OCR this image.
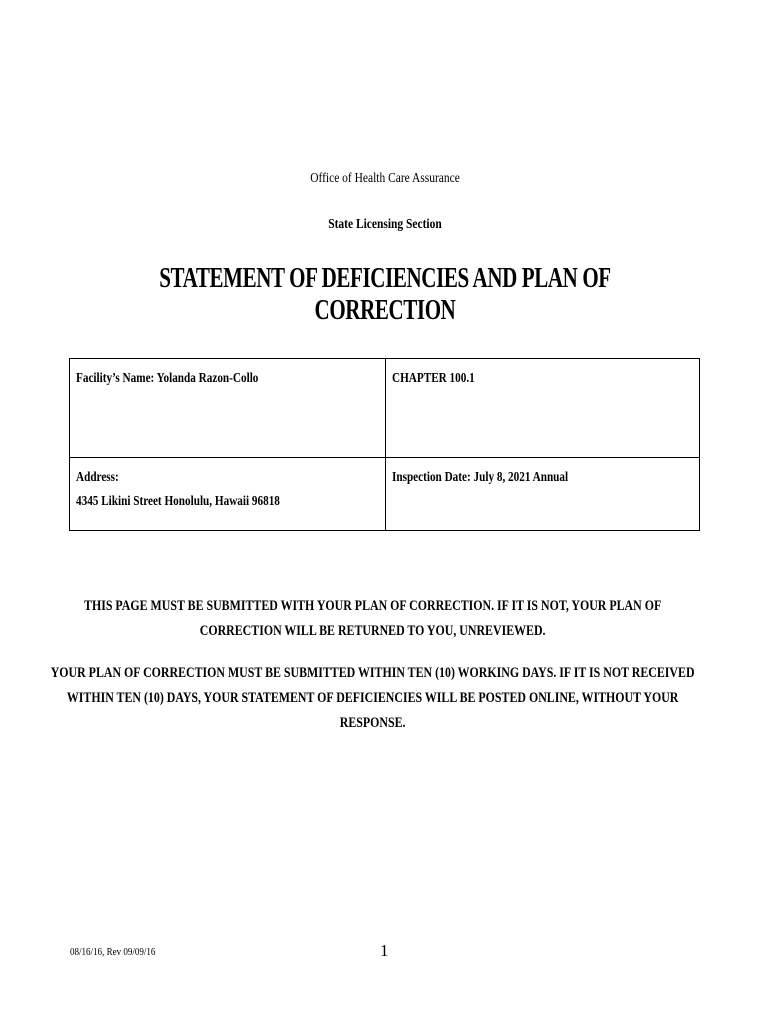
Office of Health Care Assurance
State Licensing Section
STATEMENT OF DEFICIENCIES AND PLAN OF CORRECTION
Facility’s Name: Yolanda Razon-Collo	CHAPTER 100.1
Address:
4345 Likini Street Honolulu, Hawaii 96818	Inspection Date: July 8, 2021 Annual
THIS PAGE MUST BE SUBMITTED WITH YOUR PLAN OF CORRECTION. IF IT IS NOT, YOUR PLAN OF CORRECTION WILL BE RETURNED TO YOU, UNREVIEWED.
YOUR PLAN OF CORRECTION MUST BE SUBMITTED WITHIN TEN (10) WORKING DAYS. IF IT IS NOT RECEIVED WITHIN TEN (10) DAYS, YOUR STATEMENT OF DEFICIENCIES WILL BE POSTED ONLINE, WITHOUT YOUR RESPONSE.
08/16/16, Rev 09/09/16	1
